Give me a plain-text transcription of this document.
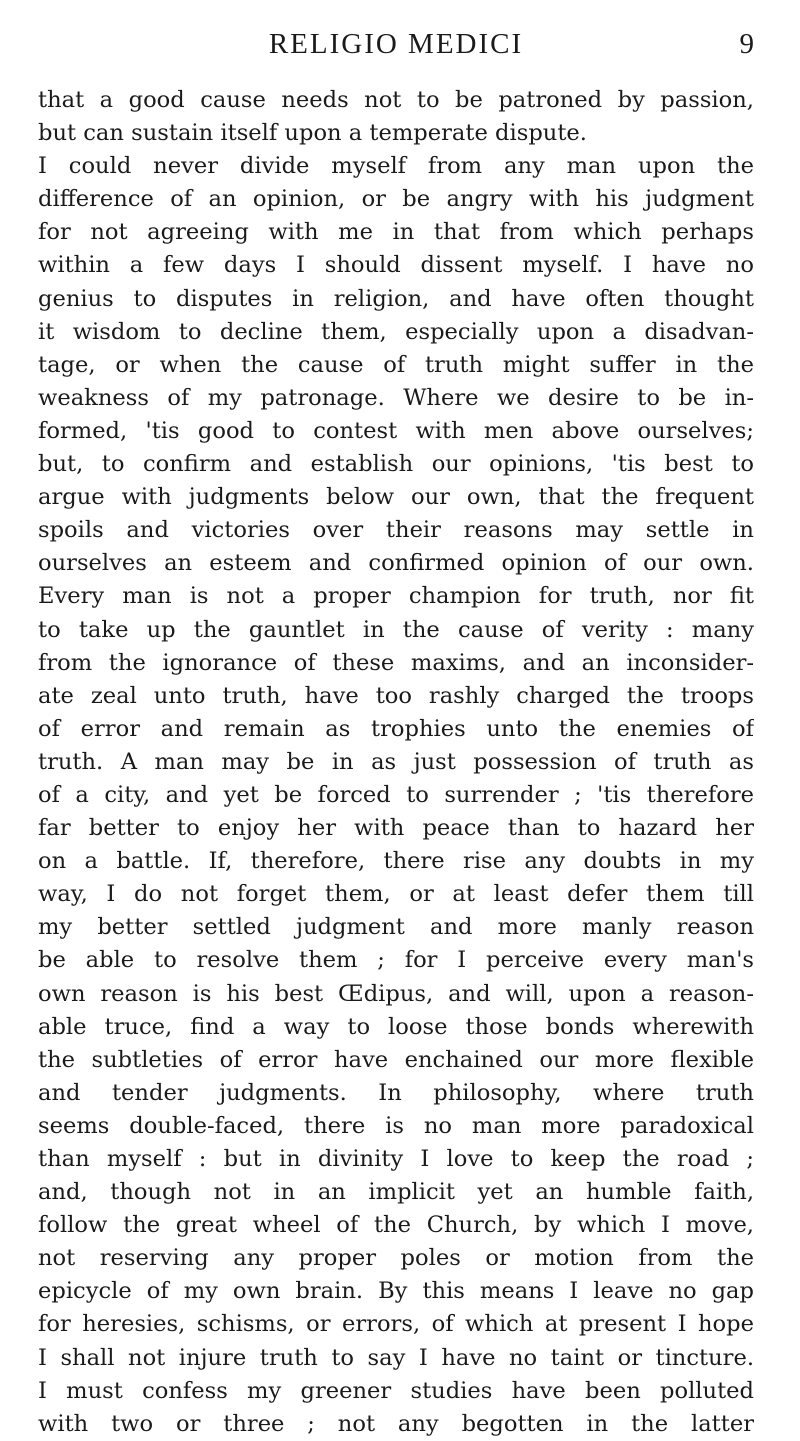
RELIGIO MEDICI	9
that a good cause needs not to be patroned by passion,
but can sustain itself upon a temperate dispute.
I could never divide myself from any man upon the
difference of an opinion, or be angry with his judgment
for not agreeing with me in that from which perhaps
within a few days I should dissent myself. I have no
genius to disputes in religion, and have often thought
it wisdom to decline them, especially upon a disadvan-
tage, or when the cause of truth might suffer in the
weakness of my patronage. Where we desire to be in-
formed, 'tis good to contest with men above ourselves;
but, to confirm and establish our opinions, 'tis best to
argue with judgments below our own, that the frequent
spoils and victories over their reasons may settle in
ourselves an esteem and confirmed opinion of our own.
Every man is not a proper champion for truth, nor fit
to take up the gauntlet in the cause of verity : many
from the ignorance of these maxims, and an inconsider-
ate zeal unto truth, have too rashly charged the troops
of error and remain as trophies unto the enemies of
truth. A man may be in as just possession of truth as
of a city, and yet be forced to surrender ; 'tis therefore
far better to enjoy her with peace than to hazard her
on a battle. If, therefore, there rise any doubts in my
way, I do not forget them, or at least defer them till
my better settled judgment and more manly reason
be able to resolve them ; for I perceive every man's
own reason is his best Œdipus, and will, upon a reason-
able truce, find a way to loose those bonds wherewith
the subtleties of error have enchained our more flexible
and tender judgments. In philosophy, where truth
seems double-faced, there is no man more paradoxical
than myself : but in divinity I love to keep the road ;
and, though not in an implicit yet an humble faith,
follow the great wheel of the Church, by which I move,
not reserving any proper poles or motion from the
epicycle of my own brain. By this means I leave no gap
for heresies, schisms, or errors, of which at present I hope
I shall not injure truth to say I have no taint or tincture.
I must confess my greener studies have been polluted
with two or three ; not any begotten in the latter
